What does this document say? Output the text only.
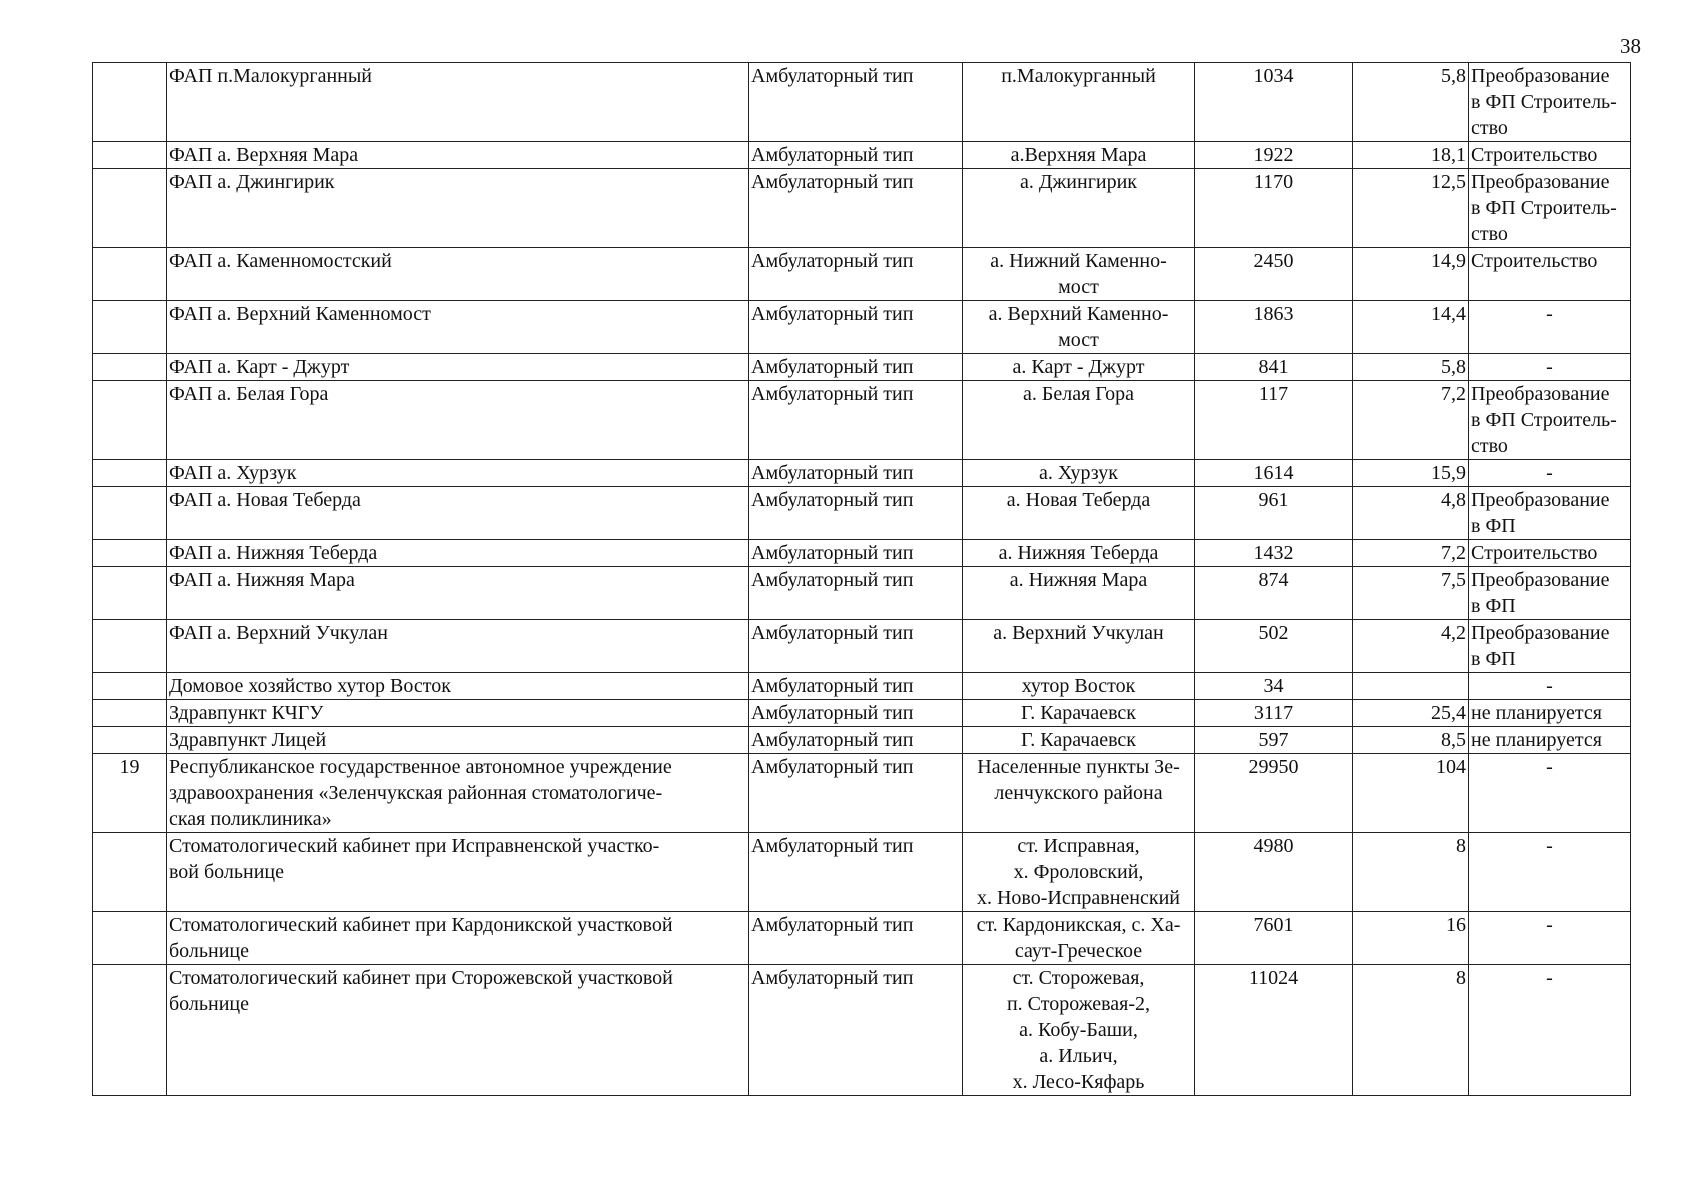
38
	ФАП п.Малокурганный	Амбулаторный тип	п.Малокурганный	1034	5,8	Преобразование
в ФП Строитель-
ство
	ФАП а. Верхняя Мара	Амбулаторный тип	а.Верхняя Мара	1922	18,1	Строительство
	ФАП а. Джингирик	Амбулаторный тип	а. Джингирик	1170	12,5	Преобразование
в ФП Строитель-
ство
	ФАП а. Каменномостский	Амбулаторный тип	а. Нижний Каменно-
мост	2450	14,9	Строительство
	ФАП а. Верхний Каменномост	Амбулаторный тип	а. Верхний Каменно-
мост	1863	14,4	-
	ФАП а. Карт - Джурт	Амбулаторный тип	а. Карт - Джурт	841	5,8	-
	ФАП а. Белая Гора	Амбулаторный тип	а. Белая Гора	117	7,2	Преобразование
в ФП Строитель-
ство
	ФАП а. Хурзук	Амбулаторный тип	а. Хурзук	1614	15,9	-
	ФАП а. Новая Теберда	Амбулаторный тип	а. Новая Теберда	961	4,8	Преобразование
в ФП
	ФАП а. Нижняя Теберда	Амбулаторный тип	а. Нижняя Теберда	1432	7,2	Строительство
	ФАП а. Нижняя Мара	Амбулаторный тип	а. Нижняя Мара	874	7,5	Преобразование
в ФП
	ФАП а. Верхний Учкулан	Амбулаторный тип	а. Верхний Учкулан	502	4,2	Преобразование
в ФП
	Домовое хозяйство хутор Восток	Амбулаторный тип	хутор Восток	34		-
	Здравпункт КЧГУ	Амбулаторный тип	Г. Карачаевск	3117	25,4	не планируется
	Здравпункт Лицей	Амбулаторный тип	Г. Карачаевск	597	8,5	не планируется
19	Республиканское государственное автономное учреждение
здравоохранения «Зеленчукская районная стоматологиче-
ская поликлиника»	Амбулаторный тип	Населенные пункты Зе-
ленчукского района	29950	104	-
	Стоматологический кабинет при Исправненской участко-
вой больнице	Амбулаторный тип	ст. Исправная,
х. Фроловский,
х. Ново-Исправненский	4980	8	-
	Стоматологический кабинет при Кардоникской участковой
больнице	Амбулаторный тип	ст. Кардоникская, с. Ха-
саут-Греческое	7601	16	-
	Стоматологический кабинет при Сторожевской участковой
больнице	Амбулаторный тип	ст. Сторожевая,
п. Сторожевая-2,
а. Кобу-Баши,
а. Ильич,
х. Лесо-Кяфарь	11024	8	-
